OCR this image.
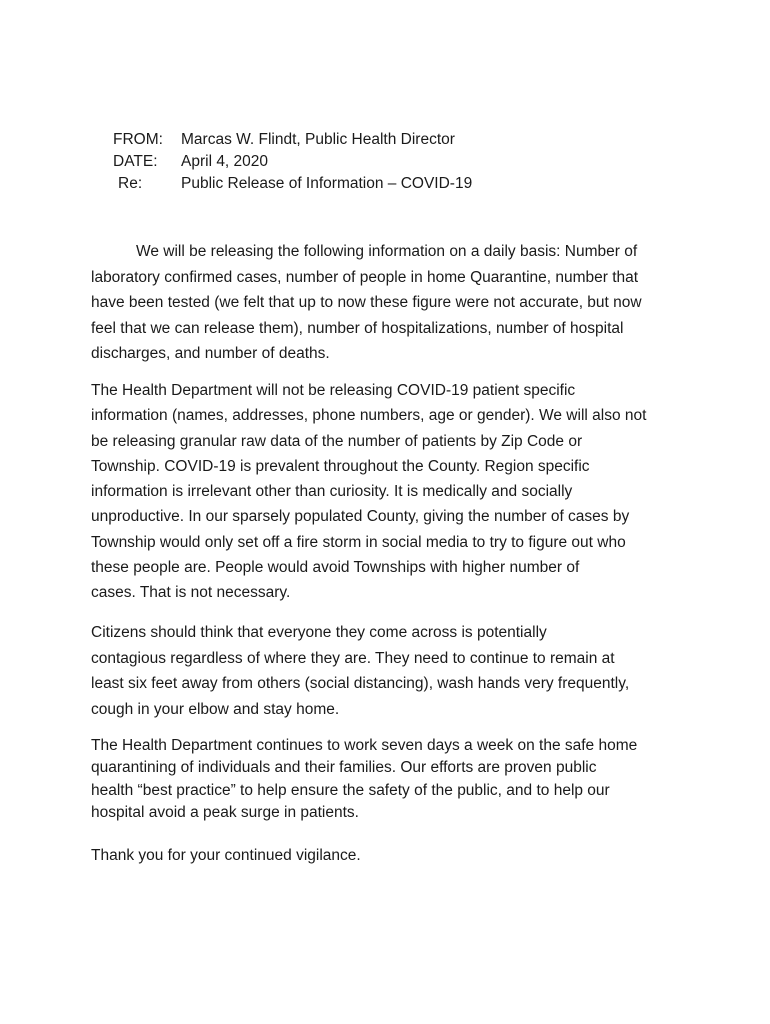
FROM:	Marcas W. Flindt, Public Health Director
DATE:	April 4, 2020
Re:	Public Release of Information – COVID-19
We will be releasing the following information on a daily basis: Number of
laboratory confirmed cases, number of people in home Quarantine, number that
have been tested (we felt that up to now these figure were not accurate, but now
feel that we can release them), number of hospitalizations, number of hospital
discharges, and number of deaths.
The Health Department will not be releasing COVID-19 patient specific
information (names, addresses, phone numbers, age or gender). We will also not
be releasing granular raw data of the number of patients by Zip Code or
Township. COVID-19 is prevalent throughout the County. Region specific
information is irrelevant other than curiosity. It is medically and socially
unproductive. In our sparsely populated County, giving the number of cases by
Township would only set off a fire storm in social media to try to figure out who
these people are. People would avoid Townships with higher number of
cases. That is not necessary.
Citizens should think that everyone they come across is potentially
contagious regardless of where they are. They need to continue to remain at
least six feet away from others (social distancing), wash hands very frequently,
cough in your elbow and stay home.
The Health Department continues to work seven days a week on the safe home
quarantining of individuals and their families. Our efforts are proven public
health “best practice” to help ensure the safety of the public, and to help our
hospital avoid a peak surge in patients.
Thank you for your continued vigilance.
